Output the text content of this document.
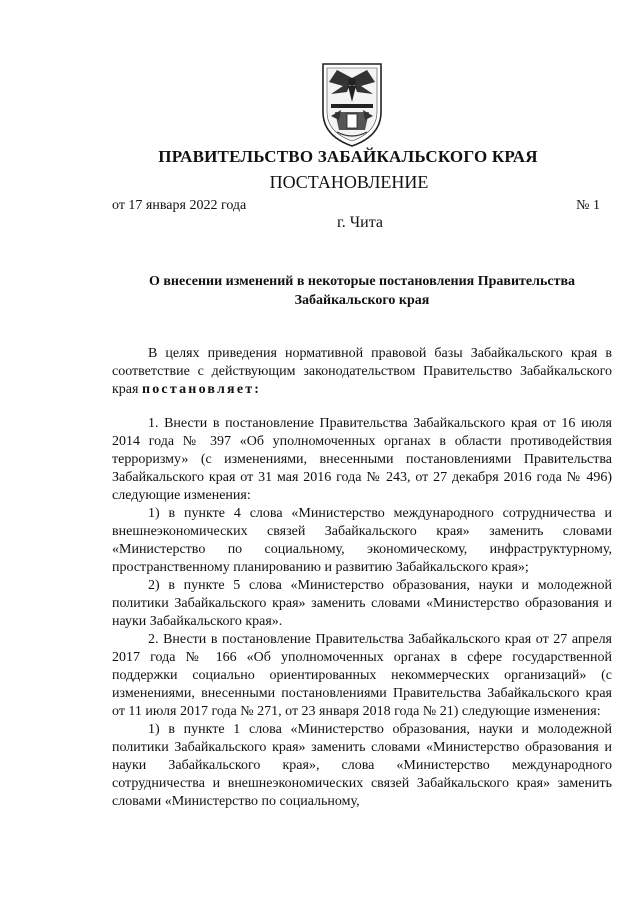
ПРАВИТЕЛЬСТВО ЗАБАЙКАЛЬСКОГО КРАЯ
ПОСТАНОВЛЕНИЕ
от 17 января 2022 года	№ 1
г. Чита
О внесении изменений в некоторые постановления Правительства Забайкальского края

В целях приведения нормативной правовой базы Забайкальского края в соответствие с действующим законодательством Правительство Забайкальского края постановляет:

1. Внести в постановление Правительства Забайкальского края от 16 июля 2014 года № 397 «Об уполномоченных органах в области противодействия терроризму» (с изменениями, внесенными постановлениями Правительства Забайкальского края от 31 мая 2016 года № 243, от 27 декабря 2016 года № 496) следующие изменения:

1) в пункте 4 слова «Министерство международного сотрудничества и внешнеэкономических связей Забайкальского края» заменить словами «Министерство по социальному, экономическому, инфраструктурному, пространственному планированию и развитию Забайкальского края»;

2) в пункте 5 слова «Министерство образования, науки и молодежной политики Забайкальского края» заменить словами «Министерство образования и науки Забайкальского края».

2. Внести в постановление Правительства Забайкальского края от 27 апреля 2017 года № 166 «Об уполномоченных органах в сфере государственной поддержки социально ориентированных некоммерческих организаций» (с изменениями, внесенными постановлениями Правительства Забайкальского края от 11 июля 2017 года № 271, от 23 января 2018 года № 21) следующие изменения:

1) в пункте 1 слова «Министерство образования, науки и молодежной политики Забайкальского края» заменить словами «Министерство образования и науки Забайкальского края», слова «Министерство международного сотрудничества и внешнеэкономических связей Забайкальского края» заменить словами «Министерство по социальному,
